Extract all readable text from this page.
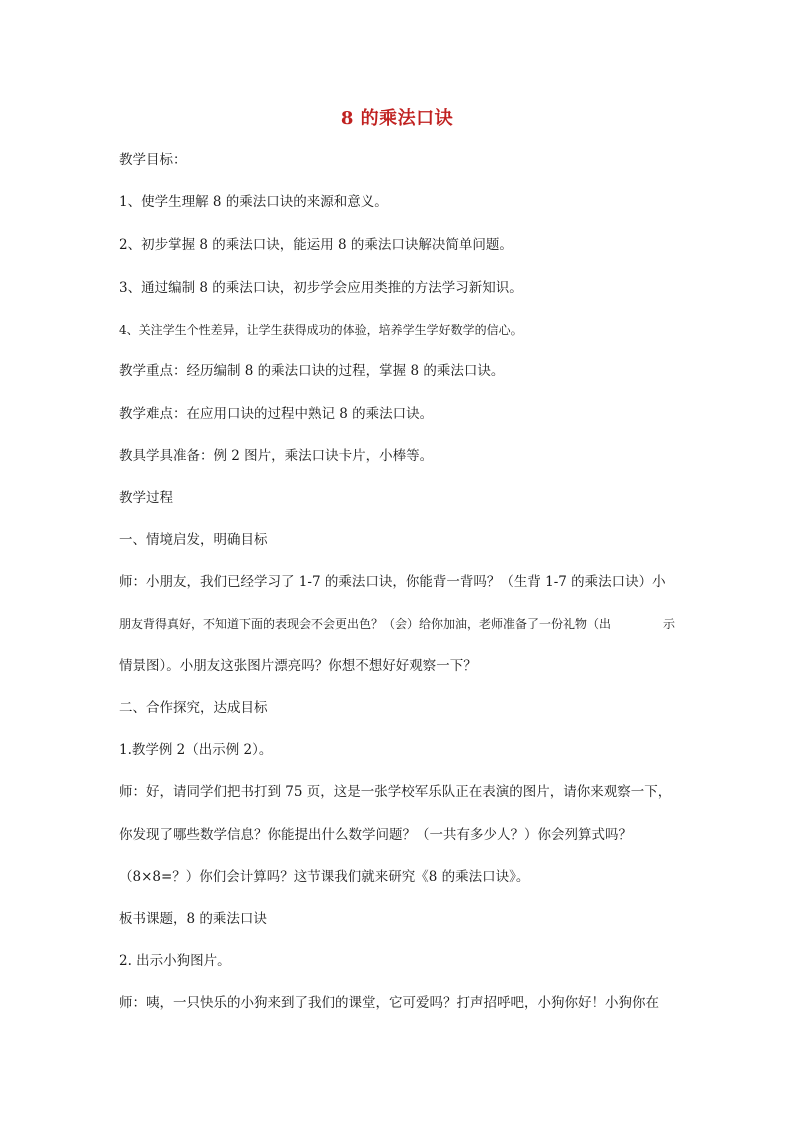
8 的乘法口诀
教学目标：
1、使学生理解 8 的乘法口诀的来源和意义。
2、初步掌握 8 的乘法口诀，能运用 8 的乘法口诀解决简单问题。
3、通过编制 8 的乘法口诀，初步学会应用类推的方法学习新知识。
4、关注学生个性差异，让学生获得成功的体验，培养学生学好数学的信心。
教学重点：经历编制 8 的乘法口诀的过程，掌握 8 的乘法口诀。
教学难点：在应用口诀的过程中熟记 8 的乘法口诀。
教具学具准备：例 2 图片，乘法口诀卡片，小棒等。
教学过程
一、情境启发，明确目标
师：小朋友，我们已经学习了 1-7 的乘法口诀，你能背一背吗？（生背 1-7 的乘法口诀）小
朋友背得真好，不知道下面的表现会不会更出色？（会）给你加油，老师准备了一份礼物（出	示
情景图）。小朋友这张图片漂亮吗？你想不想好好观察一下？
二、合作探究，达成目标
1.教学例 2（出示例 2）。
师：好，请同学们把书打到 75 页，这是一张学校军乐队正在表演的图片，请你来观察一下，
你发现了哪些数学信息？你能提出什么数学问题？（一共有多少人？）你会列算式吗？
（8×8=？）你们会计算吗？这节课我们就来研究《8 的乘法口诀》。
板书课题，8 的乘法口诀
2. 出示小狗图片。
师：咦，一只快乐的小狗来到了我们的课堂，它可爱吗？打声招呼吧，小狗你好！小狗你在
